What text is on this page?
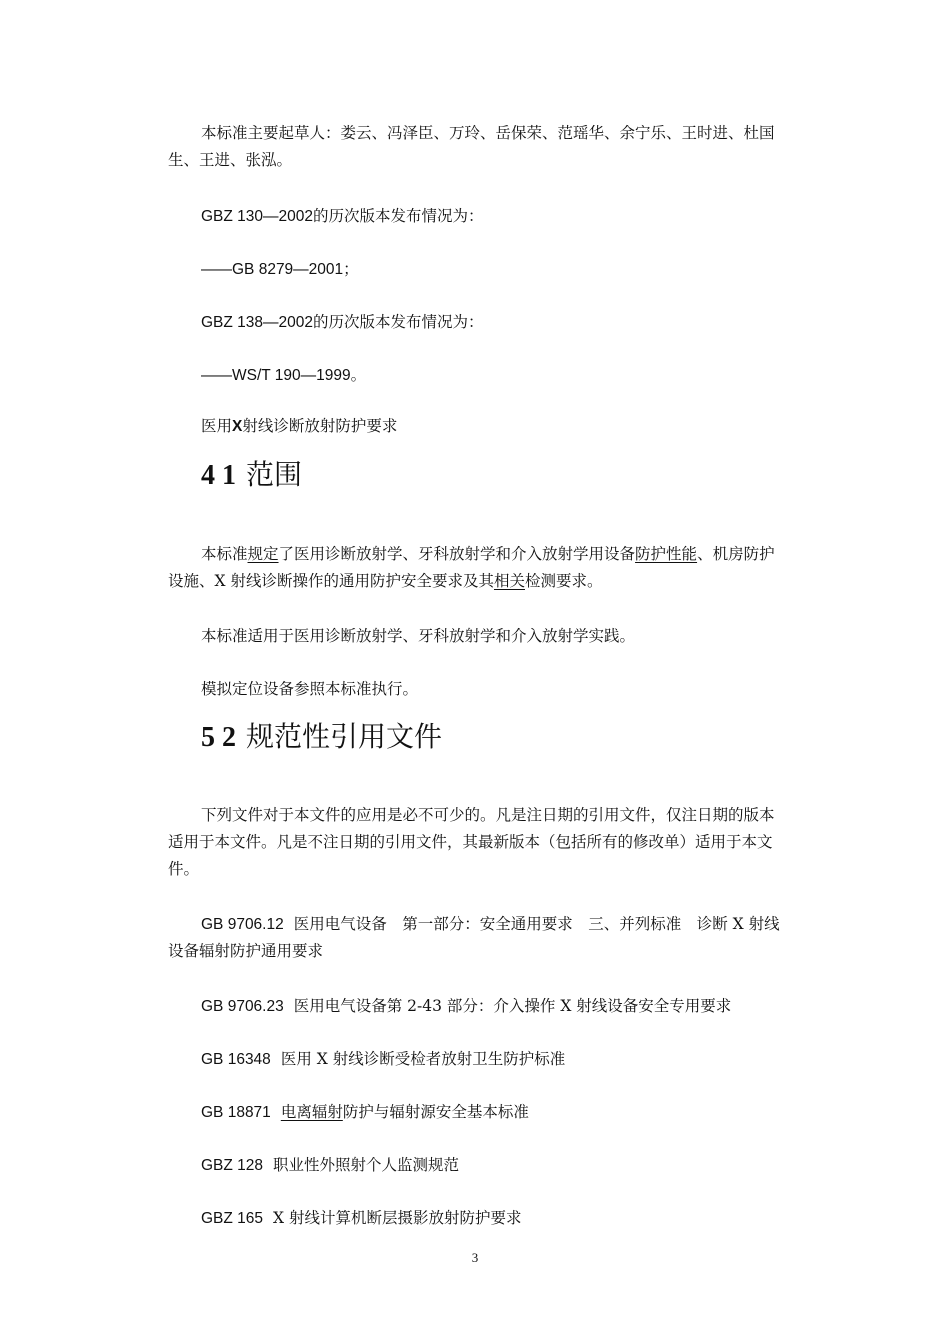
本标准主要起草人：娄云、冯泽臣、万玲、岳保荣、范瑶华、余宁乐、王时进、杜国生、王进、张泓。
GBZ 130—2002的历次版本发布情况为：
——GB 8279—2001；
GBZ 138—2002的历次版本发布情况为：
——WS/T 190—1999。
医用X射线诊断放射防护要求
4 1 范围
本标准规定了医用诊断放射学、牙科放射学和介入放射学用设备防护性能、机房防护设施、X 射线诊断操作的通用防护安全要求及其相关检测要求。
本标准适用于医用诊断放射学、牙科放射学和介入放射学实践。
模拟定位设备参照本标准执行。
5 2 规范性引用文件
下列文件对于本文件的应用是必不可少的。凡是注日期的引用文件，仅注日期的版本适用于本文件。凡是不注日期的引用文件，其最新版本（包括所有的修改单）适用于本文件。
GB 9706.12 医用电气设备　第一部分：安全通用要求　三、并列标准　诊断 X 射线设备辐射防护通用要求
GB 9706.23 医用电气设备第 2-43 部分：介入操作 X 射线设备安全专用要求
GB 16348 医用 X 射线诊断受检者放射卫生防护标准
GB 18871 电离辐射防护与辐射源安全基本标准
GBZ 128 职业性外照射个人监测规范
GBZ 165 X 射线计算机断层摄影放射防护要求
3
